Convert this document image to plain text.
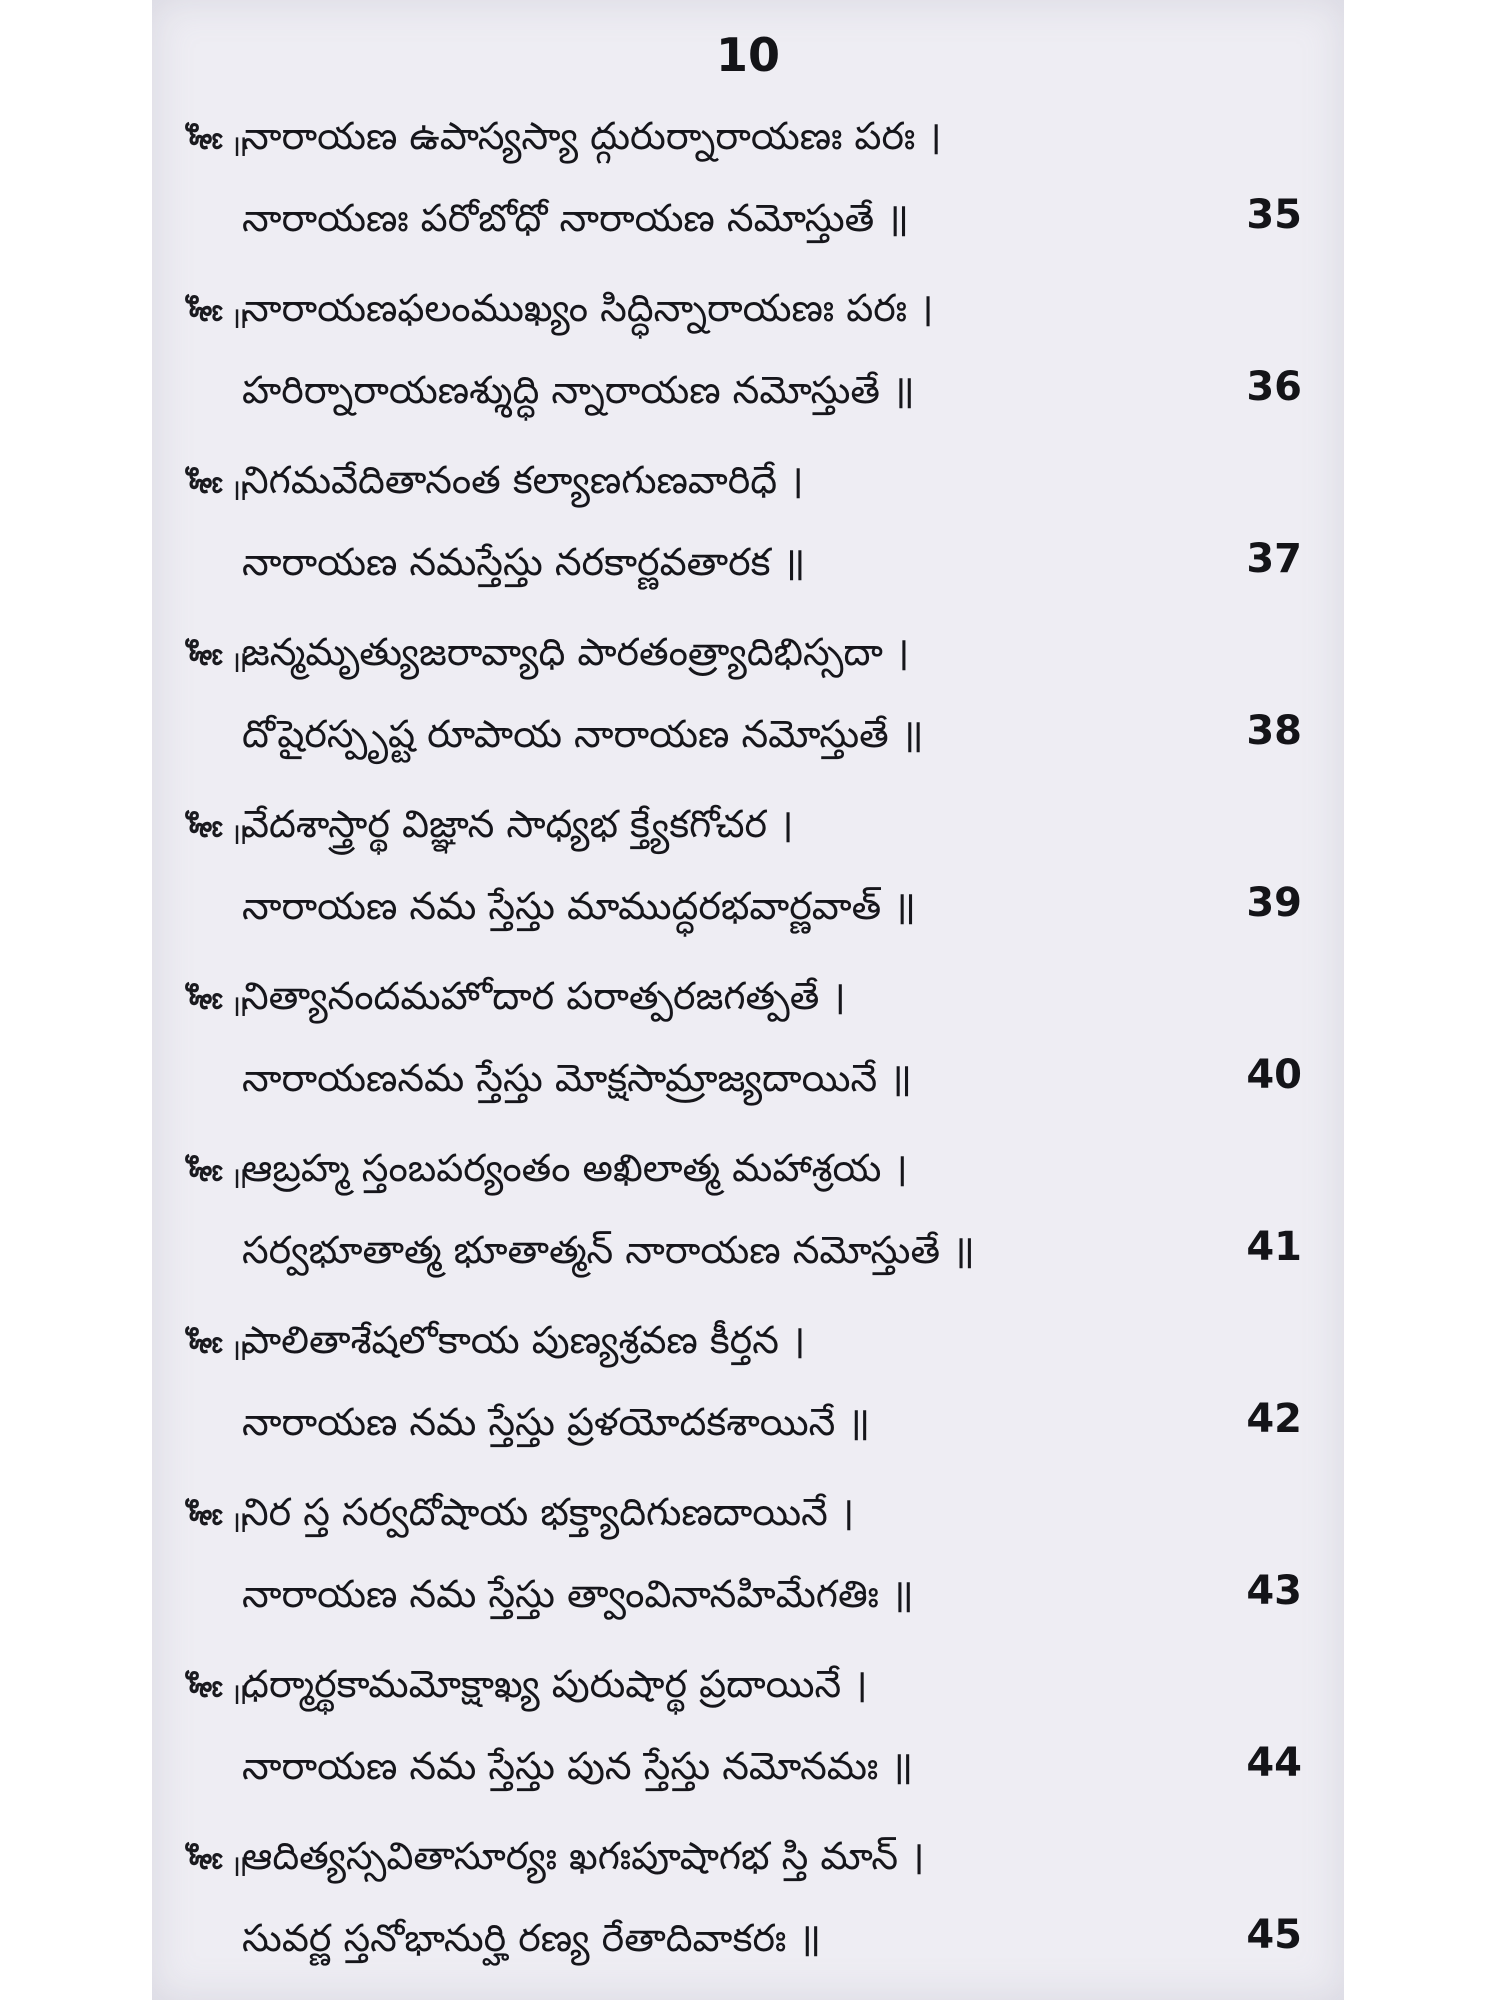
10
శ్లో ॥
నారాయణ ఉపాస్యస్యా ద్గురుర్నారాయణః పరః ।
నారాయణః పరోబోధో నారాయణ నమోస్తుతే ॥	35
శ్లో ॥
నారాయణఫలంముఖ్యం సిద్ధిన్నారాయణః పరః ।
హరిర్నారాయణశ్శుద్ధి న్నారాయణ నమోస్తుతే ॥	36
శ్లో ॥
నిగమవేదితానంత కల్యాణగుణవారిధే ।
నారాయణ నమస్తేస్తు నరకార్ణవతారక ॥	37
శ్లో ॥
జన్మమృత్యుజరావ్యాధి పారతంత్ర్యాదిభిస్సదా ।
దోషైరస్పృష్ట రూపాయ నారాయణ నమోస్తుతే ॥	38
శ్లో ॥
వేదశాస్త్రార్థ విజ్ఞాన సాధ్యభ క్త్యేకగోచర ।
నారాయణ నమ స్తేస్తు మాముద్ధరభవార్ణవాత్ ॥	39
శ్లో ॥
నిత్యానందమహోదార పరాత్పరజగత్పతే ।
నారాయణనమ స్తేస్తు మోక్షసామ్రాజ్యదాయినే ॥	40
శ్లో ॥
ఆబ్రహ్మ స్తంబపర్యంతం అఖిలాత్మ మహాశ్రయ ।
సర్వభూతాత్మ భూతాత్మన్ నారాయణ నమోస్తుతే ॥	41
శ్లో ॥
పాలితాశేషలోకాయ పుణ్యశ్రవణ కీర్తన ।
నారాయణ నమ స్తేస్తు ప్రళయోదకశాయినే ॥	42
శ్లో ॥
నిర స్త సర్వదోషాయ భక్త్యాదిగుణదాయినే ।
నారాయణ నమ స్తేస్తు త్వాంవినానహిమేగతిః ॥	43
శ్లో ॥
ధర్మార్థకామమోక్షాఖ్య పురుషార్థ ప్రదాయినే ।
నారాయణ నమ స్తేస్తు పున స్తేస్తు నమోనమః ॥	44
శ్లో ॥
ఆదిత్యస్సవితాసూర్యః ఖగఃపూషాగభ స్తి మాన్ ।
సువర్ణ స్తనోభానుర్హి రణ్య రేతాదివాకరః ॥	45
